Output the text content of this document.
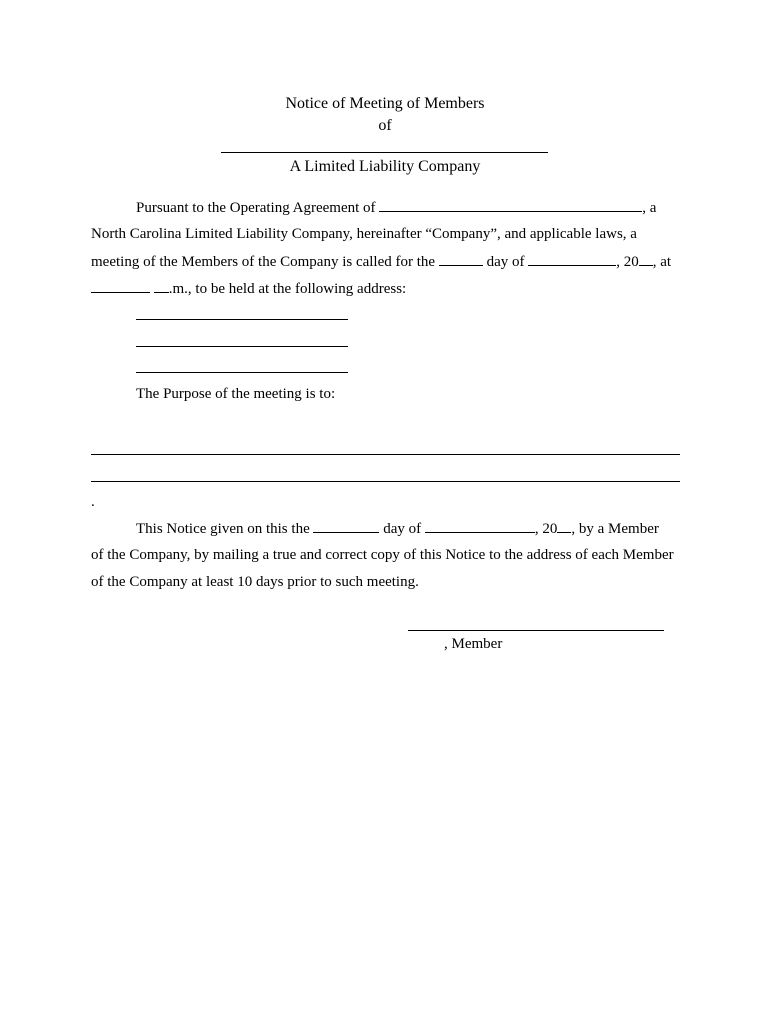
Notice of Meeting of Members
of
A Limited Liability Company
Pursuant to the Operating Agreement of	, a
North Carolina Limited Liability Company, hereinafter “Company”, and applicable laws, a
meeting of the Members of the Company is called for the	day of	, 20 , at
.m., to be held at the following address:
The Purpose of the meeting is to:
.
This Notice given on this the	day of	, 20 , by a Member
of the Company, by mailing a true and correct copy of this Notice to the address of each Member
of the Company at least 10 days prior to such meeting.
, Member
